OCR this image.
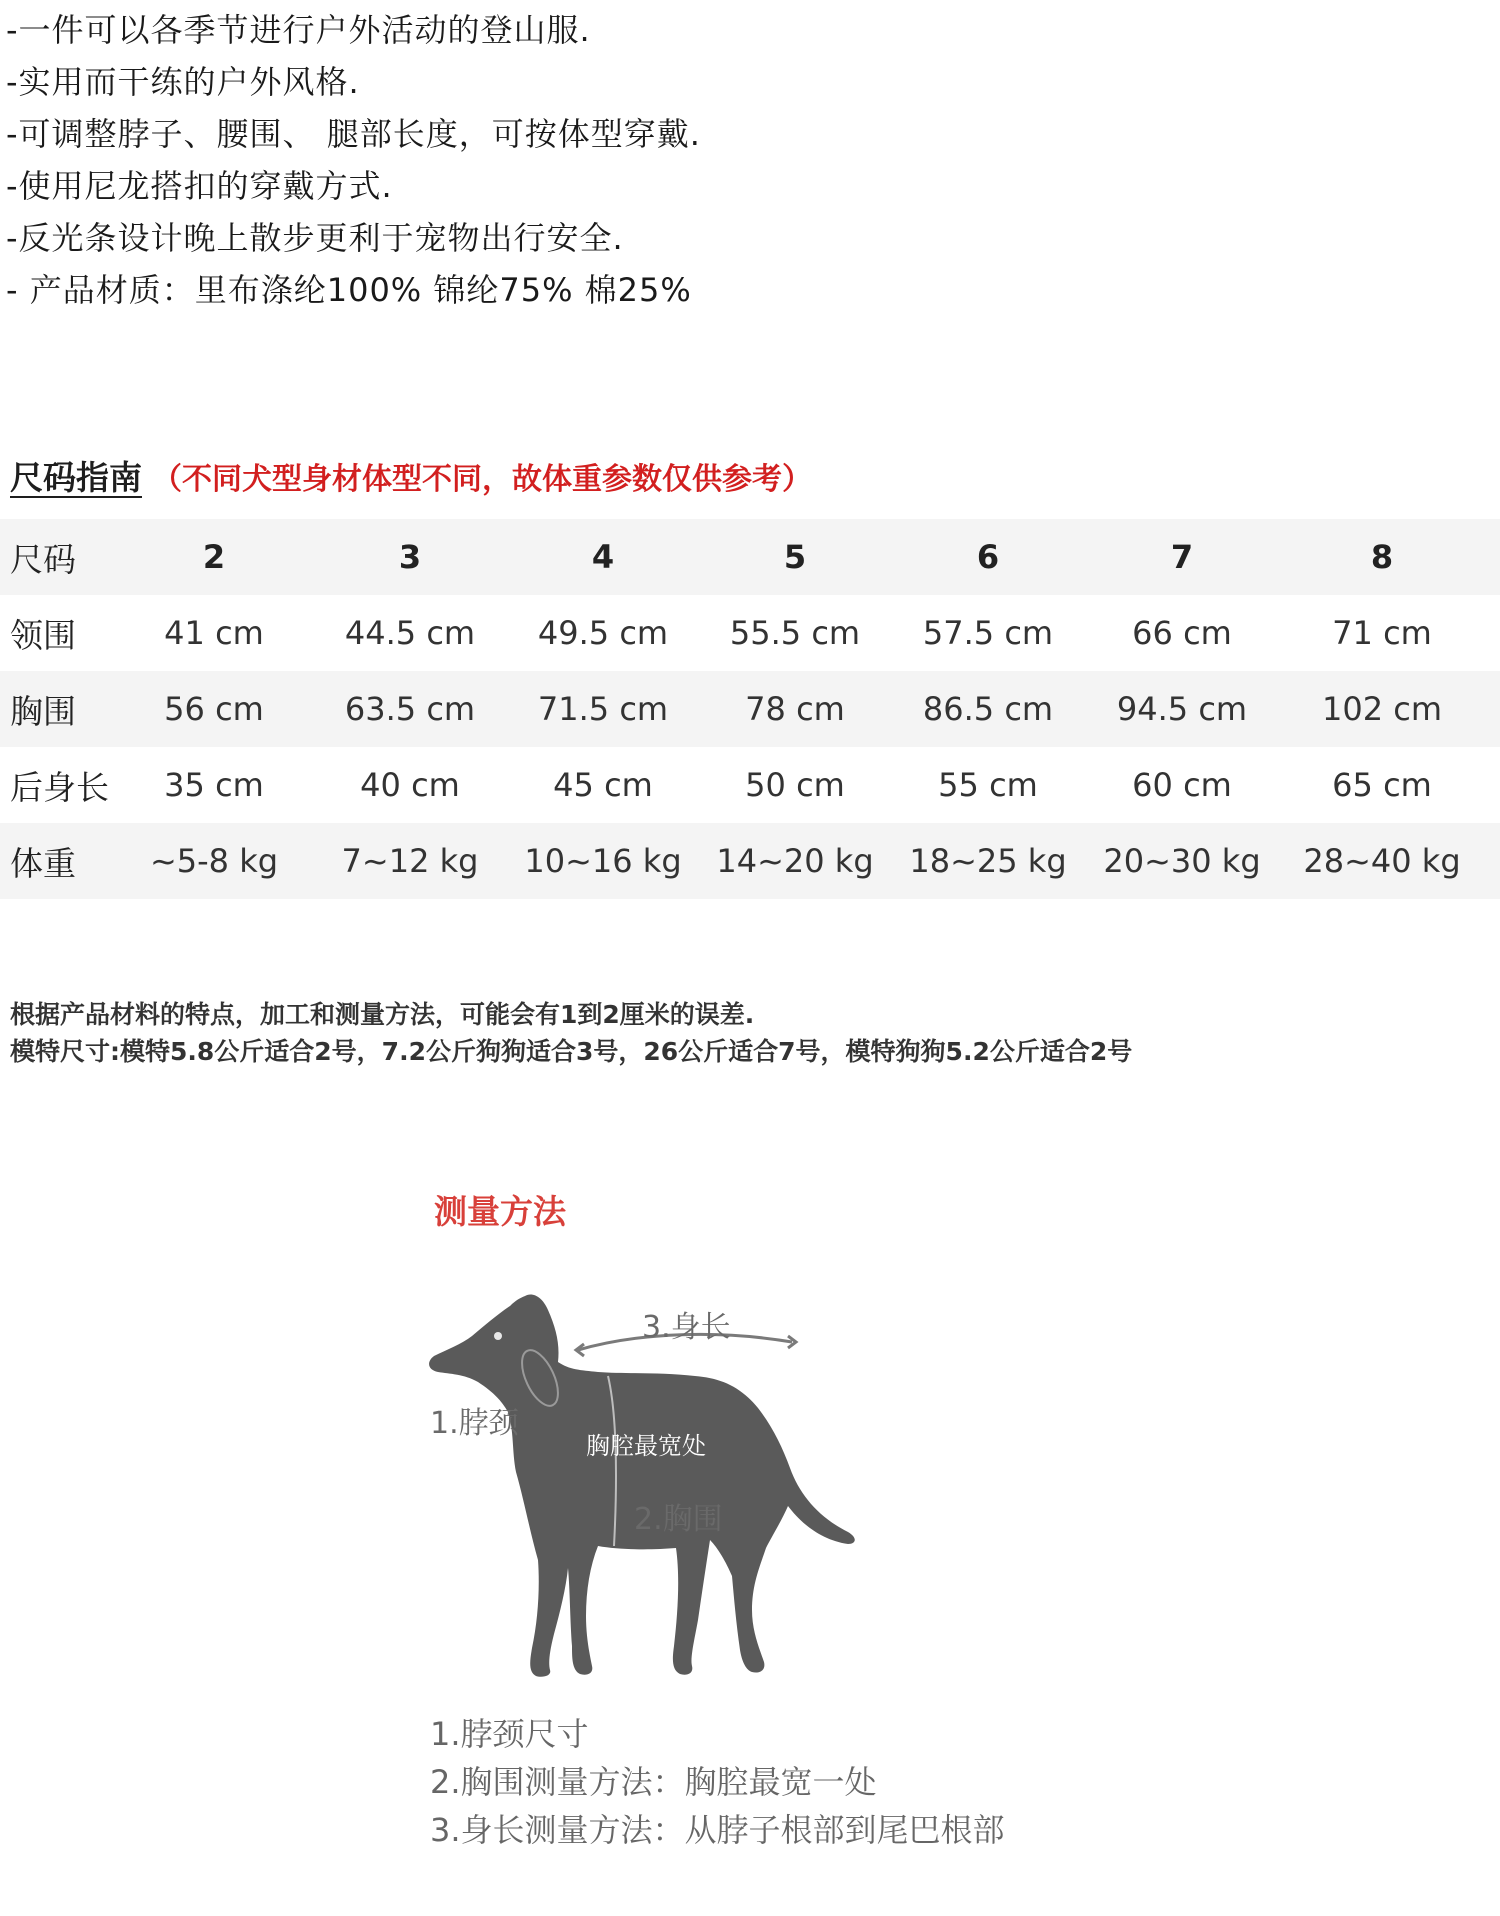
-一件可以各季节进行户外活动的登山服.
-实用而干练的户外风格.
-可调整脖子、腰围、 腿部长度，可按体型穿戴.
-使用尼龙搭扣的穿戴方式.
-反光条设计晚上散步更利于宠物出行安全.
- 产品材质：里布涤纶100% 锦纶75% 棉25%
尺码指南 （不同犬型身材体型不同，故体重参数仅供参考）
尺码	2	3	4	5	6	7	8
领围	41 cm	44.5 cm 49.5 cm 55.5 cm 57.5 cm 66 cm	71 cm
胸围	56 cm	63.5 cm 71.5 cm 78 cm 86.5 cm 94.5 cm 102 cm
后身长 35 cm	40 cm	45 cm	50 cm	55 cm	60 cm	65 cm
体重 ~5-8 kg 7~12 kg 10~16 kg 14~20 kg 18~25 kg 20~30 kg 28~40 kg
根据产品材料的特点，加工和测量方法，可能会有1到2厘米的误差.
模特尺寸:模特5.8公斤适合2号，7.2公斤狗狗适合3号，26公斤适合7号，模特狗狗5.2公斤适合2号
测量方法
3.身长
1.脖颈
胸腔最宽处
2.胸围
1.脖颈尺寸
2.胸围测量方法：胸腔最宽一处
3.身长测量方法：从脖子根部到尾巴根部
